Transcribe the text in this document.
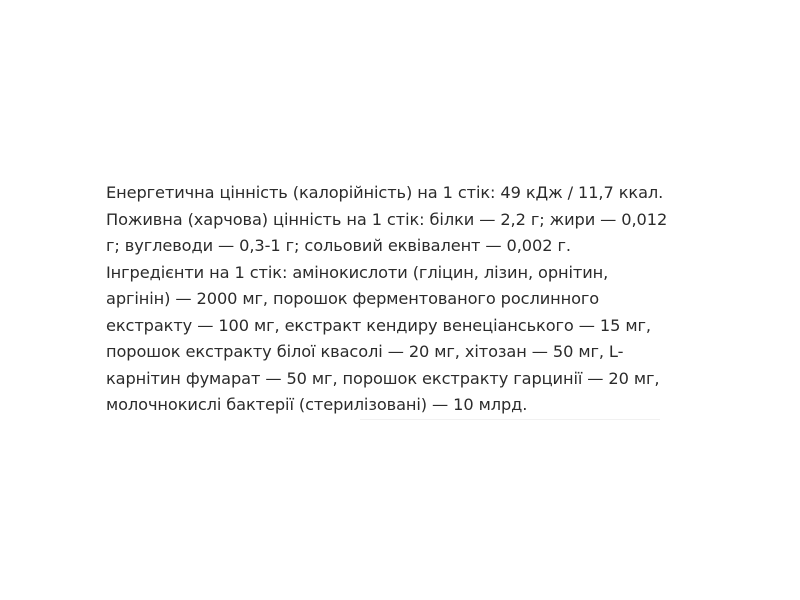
Енергетична цінність (калорійність) на 1 стік: 49 кДж / 11,7 ккал.
Поживна (харчова) цінність на 1 стік: білки — 2,2 г; жири — 0,012
г; вуглеводи — 0,3-1 г; сольовий еквівалент — 0,002 г.
Інгредієнти на 1 стік: амінокислоти (гліцин, лізин, орнітин,
аргінін) — 2000 мг, порошок ферментованого рослинного
екстракту — 100 мг, екстракт кендиру венеціанського — 15 мг,
порошок екстракту білої квасолі — 20 мг, хітозан — 50 мг, L-
карнітин фумарат — 50 мг, порошок екстракту гарцинії — 20 мг,
молочнокислі бактерії (стерилізовані) — 10 млрд.
